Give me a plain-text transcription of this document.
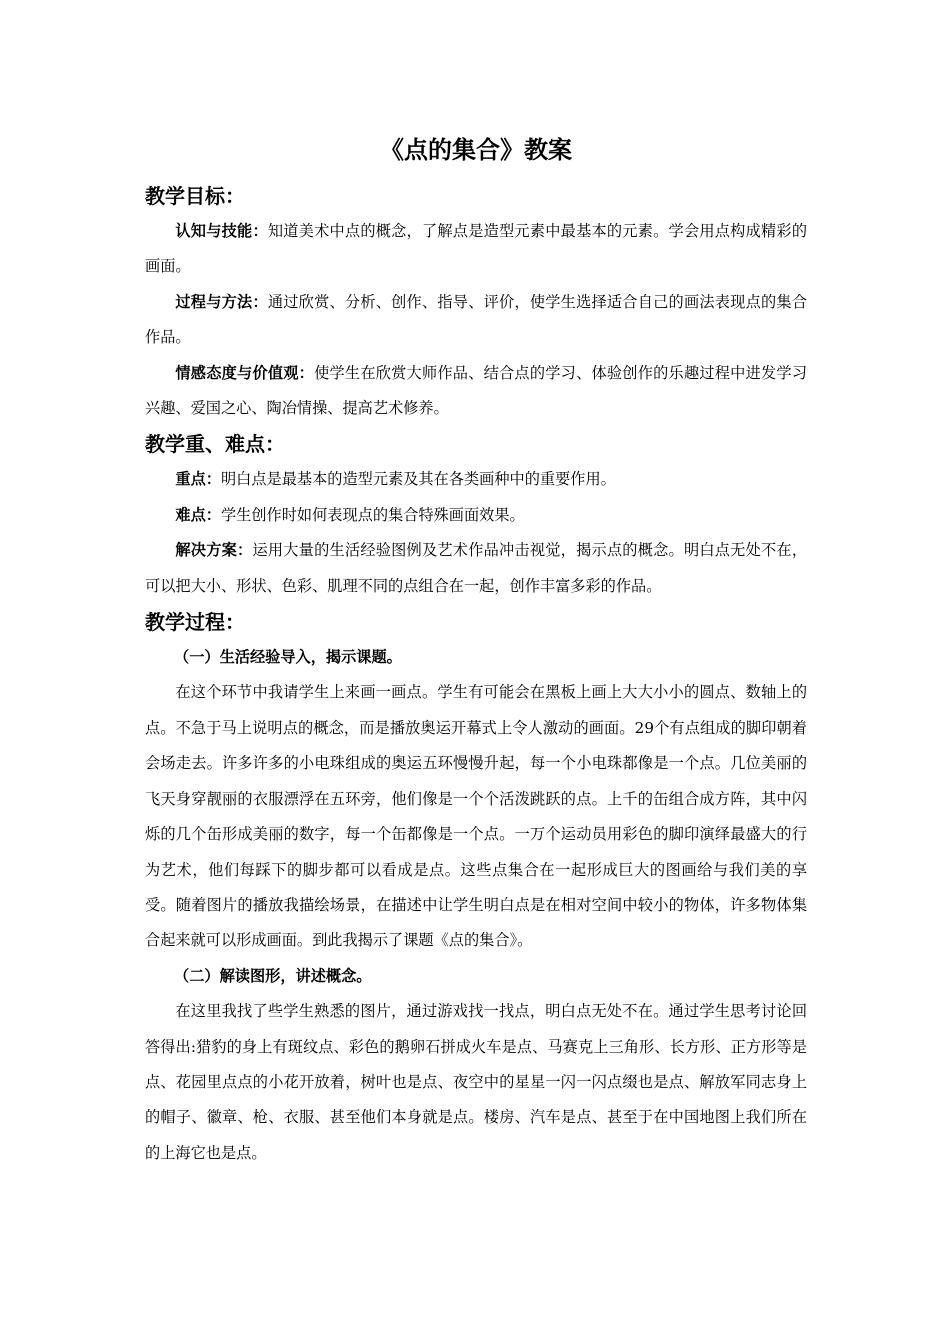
《点的集合》教案
教学目标：

认知与技能：知道美术中点的概念，了解点是造型元素中最基本的元素。学会用点构成精彩的画面。

过程与方法：通过欣赏、分析、创作、指导、评价，使学生选择适合自己的画法表现点的集合作品。

情感态度与价值观：使学生在欣赏大师作品、结合点的学习、体验创作的乐趣过程中进发学习兴趣、爱国之心、陶冶情操、提高艺术修养。

教学重、难点：

重点：明白点是最基本的造型元素及其在各类画种中的重要作用。

难点：学生创作时如何表现点的集合特殊画面效果。

解决方案：运用大量的生活经验图例及艺术作品冲击视觉，揭示点的概念。明白点无处不在，可以把大小、形状、色彩、肌理不同的点组合在一起，创作丰富多彩的作品。

教学过程：
（一）生活经验导入，揭示课题。

在这个环节中我请学生上来画一画点。学生有可能会在黑板上画上大大小小的圆点、数轴上的点。不急于马上说明点的概念，而是播放奥运开幕式上令人激动的画面。29个有点组成的脚印朝着会场走去。许多许多的小电珠组成的奥运五环慢慢升起，每一个小电珠都像是一个点。几位美丽的飞天身穿靓丽的衣服漂浮在五环旁，他们像是一个个活泼跳跃的点。上千的缶组合成方阵，其中闪烁的几个缶形成美丽的数字，每一个缶都像是一个点。一万个运动员用彩色的脚印演绎最盛大的行为艺术，他们每踩下的脚步都可以看成是点。这些点集合在一起形成巨大的图画给与我们美的享受。随着图片的播放我描绘场景，在描述中让学生明白点是在相对空间中较小的物体，许多物体集合起来就可以形成画面。到此我揭示了课题《点的集合》。

（二）解读图形，讲述概念。

在这里我找了些学生熟悉的图片，通过游戏找一找点，明白点无处不在。通过学生思考讨论回答得出:猎豹的身上有斑纹点、彩色的鹅卵石拼成火车是点、马赛克上三角形、长方形、正方形等是点、花园里点点的小花开放着，树叶也是点、夜空中的星星一闪一闪点缀也是点、解放军同志身上的帽子、徽章、枪、衣服、甚至他们本身就是点。楼房、汽车是点、甚至于在中国地图上我们所在的上海它也是点。
